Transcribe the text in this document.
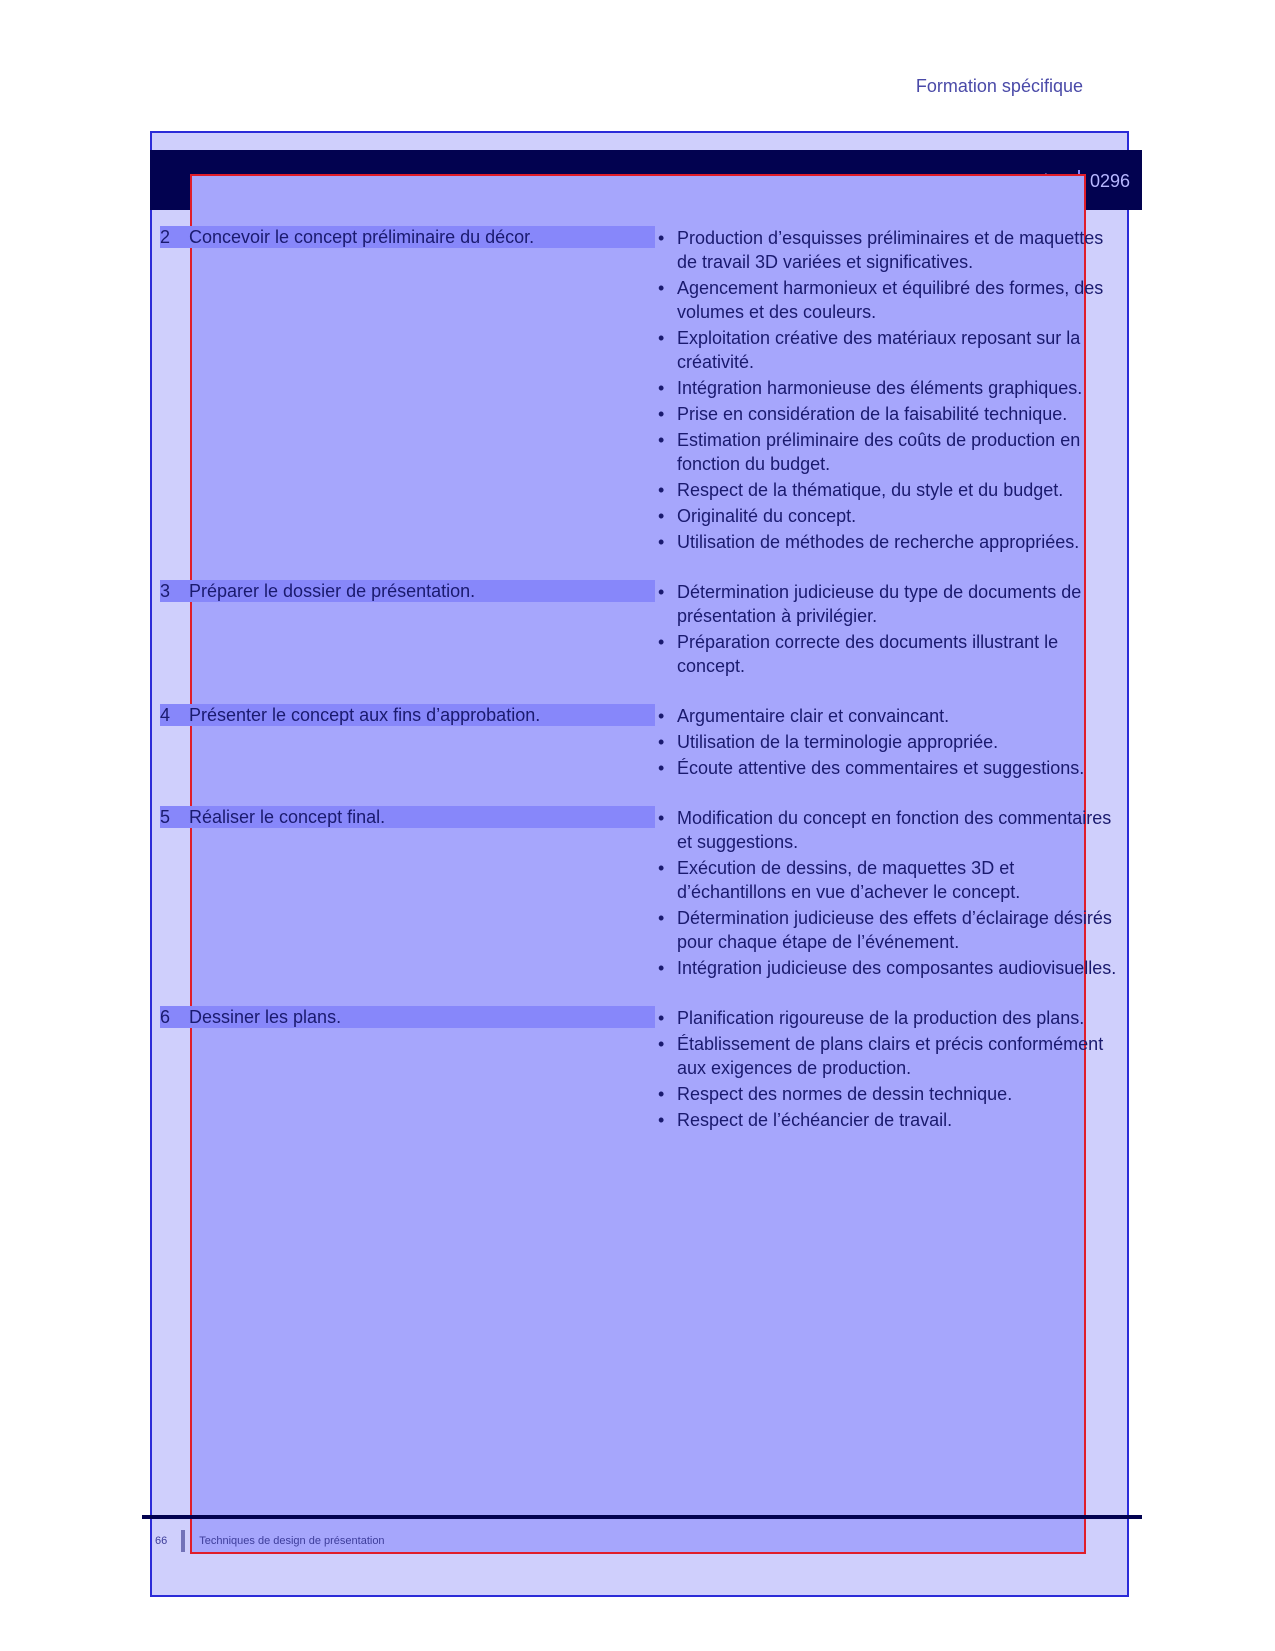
Formation spécifique
0296
2	Concevoir le concept préliminaire du décor.	• Production d’esquisses préliminaires et de maquettes de travail 3D variées et significatives.
• Agencement harmonieux et équilibré des formes, des volumes et des couleurs.
• Exploitation créative des matériaux reposant sur la créativité.
• Intégration harmonieuse des éléments graphiques.
• Prise en considération de la faisabilité technique.
• Estimation préliminaire des coûts de production en fonction du budget.
• Respect de la thématique, du style et du budget.
• Originalité du concept.
• Utilisation de méthodes de recherche appropriées.
3	Préparer le dossier de présentation.	• Détermination judicieuse du type de documents de présentation à privilégier.
• Préparation correcte des documents illustrant le concept.
4	Présenter le concept aux fins d’approbation.	• Argumentaire clair et convaincant.
• Utilisation de la terminologie appropriée.
• Écoute attentive des commentaires et suggestions.
5	Réaliser le concept final.	• Modification du concept en fonction des commentaires et suggestions.
• Exécution de dessins, de maquettes 3D et d’échantillons en vue d’achever le concept.
• Détermination judicieuse des effets d’éclairage désirés pour chaque étape de l’événement.
• Intégration judicieuse des composantes audiovisuelles.
6	Dessiner les plans.	• Planification rigoureuse de la production des plans.
• Établissement de plans clairs et précis conformément aux exigences de production.
• Respect des normes de dessin technique.
• Respect de l’échéancier de travail.
66	Techniques de design de présentation
